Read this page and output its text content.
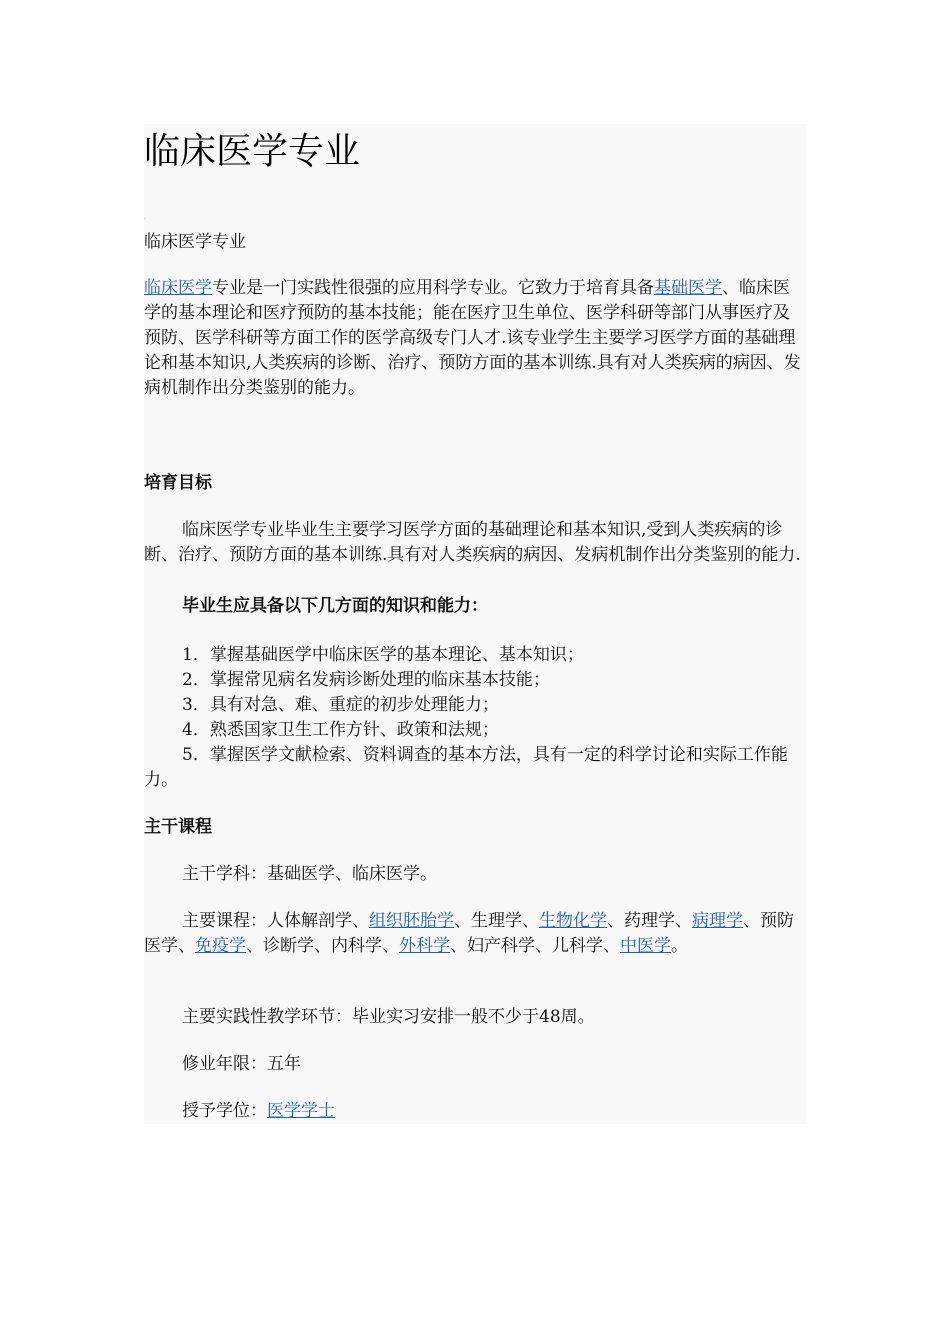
临床医学专业
.

临床医学专业

临床医学专业是一门实践性很强的应用科学专业。它致力于培育具备基础医学、临床医学的基本理论和医疗预防的基本技能；能在医疗卫生单位、医学科研等部门从事医疗及预防、医学科研等方面工作的医学高级专门人才.该专业学生主要学习医学方面的基础理论和基本知识,人类疾病的诊断、治疗、预防方面的基本训练.具有对人类疾病的病因、发病机制作出分类鉴别的能力。

培育目标

临床医学专业毕业生主要学习医学方面的基础理论和基本知识,受到人类疾病的诊断、治疗、预防方面的基本训练.具有对人类疾病的病因、发病机制作出分类鉴别的能力.

毕业生应具备以下几方面的知识和能力：

1．掌握基础医学中临床医学的基本理论、基本知识；
2．掌握常见病名发病诊断处理的临床基本技能；
3．具有对急、难、重症的初步处理能力；
4．熟悉国家卫生工作方针、政策和法规；
5．掌握医学文献检索、资料调查的基本方法，具有一定的科学讨论和实际工作能力。
主干课程

主干学科：基础医学、临床医学。

主要课程：人体解剖学、组织胚胎学、生理学、生物化学、药理学、病理学、预防医学、免疫学、诊断学、内科学、外科学、妇产科学、儿科学、中医学。

主要实践性教学环节：毕业实习安排一般不少于48周。

修业年限：五年

授予学位：医学学士
